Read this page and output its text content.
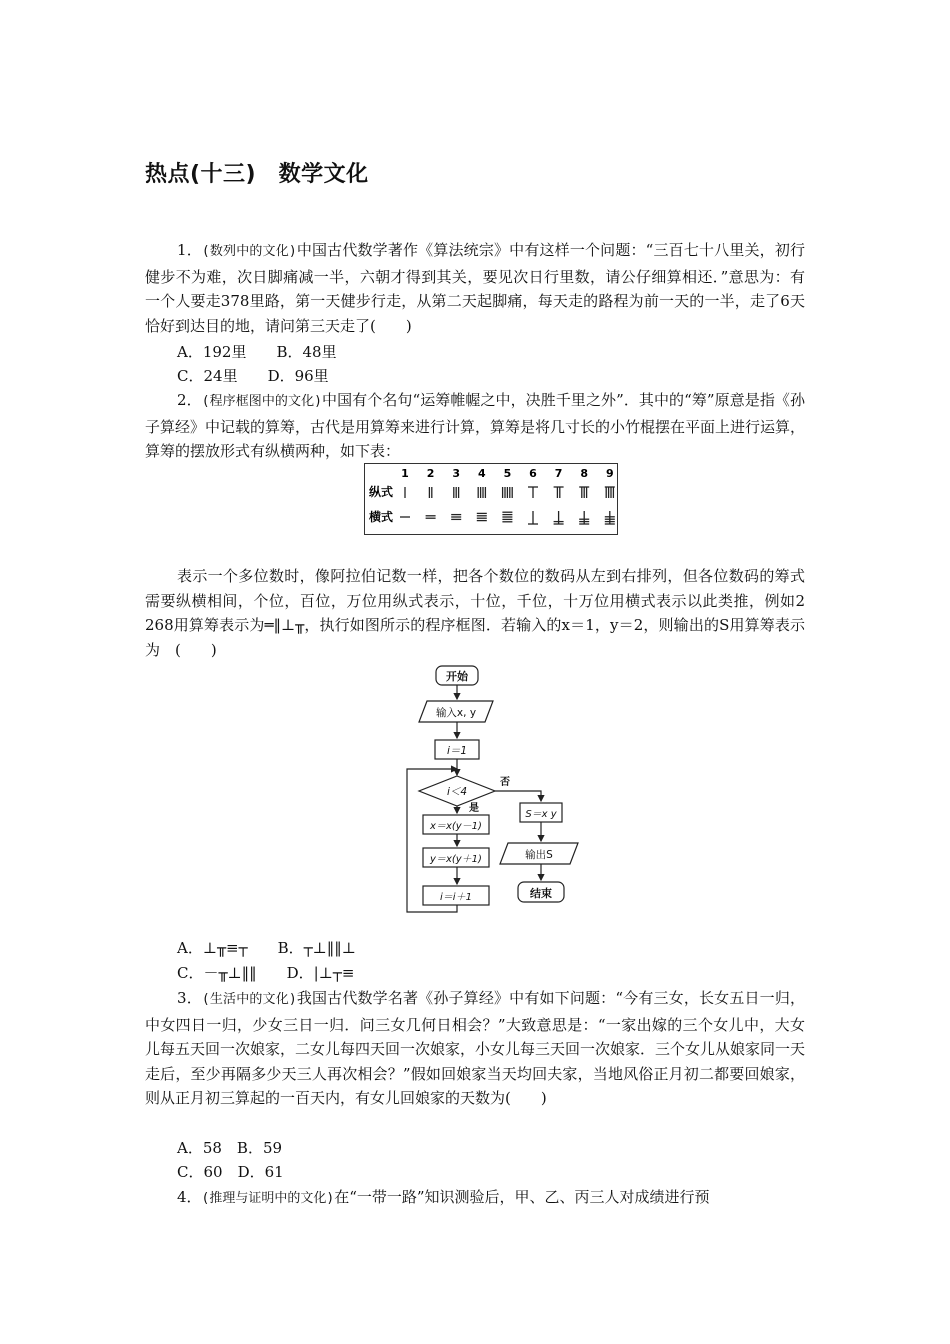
热点(十三)　数学文化
1．(数列中的文化)中国古代数学著作《算法统宗》中有这样一个问题：“三百七十八里关，初行健步不为难，次日脚痛减一半，六朝才得到其关，要见次日行里数，请公仔细算相还．”意思为：有一个人要走378里路，第一天健步行走，从第二天起脚痛，每天走的路程为前一天的一半，走了6天恰好到达目的地，请问第三天走了(　　)
A．192里　　B．48里
C．24里　　D．96里
2．(程序框图中的文化)中国有个名句“运筹帷幄之中，决胜千里之外”．其中的“筹”原意是指《孙子算经》中记载的算筹，古代是用算筹来进行计算，算筹是将几寸长的小竹棍摆在平面上进行运算，算筹的摆放形式有纵横两种，如下表：
1 2 3 4 5 6 7 8 9
纵式
横式
表示一个多位数时，像阿拉伯记数一样，把各个数位的数码从左到右排列，但各位数码的筹式需要纵横相间，个位，百位，万位用纵式表示，十位，千位，十万位用横式表示以此类推，例如2 268用算筹表示为═‖⊥╥，执行如图所示的程序框图．若输入的x＝1，y＝2，则输出的S用算筹表示为　(　　)
开始
输入x, y
i＝1
i＜4
是
否
x＝x(y－1)
y＝x(y＋1)
i＝i＋1
S＝x y
输出S
结束
A．⊥╥≡┬　　B．┬⊥‖‖⊥
C．－╥⊥‖‖　　D．|⊥┬≡
3．(生活中的文化)我国古代数学名著《孙子算经》中有如下问题：“今有三女，长女五日一归，中女四日一归，少女三日一归．问三女几何日相会？”大致意思是：“一家出嫁的三个女儿中，大女儿每五天回一次娘家，二女儿每四天回一次娘家，小女儿每三天回一次娘家．三个女儿从娘家同一天走后，至少再隔多少天三人再次相会？”假如回娘家当天均回夫家，当地风俗正月初二都要回娘家，则从正月初三算起的一百天内，有女儿回娘家的天数为(　　)
A．58　B．59
C．60　D．61
4．(推理与证明中的文化)在“一带一路”知识测验后，甲、乙、丙三人对成绩进行预
